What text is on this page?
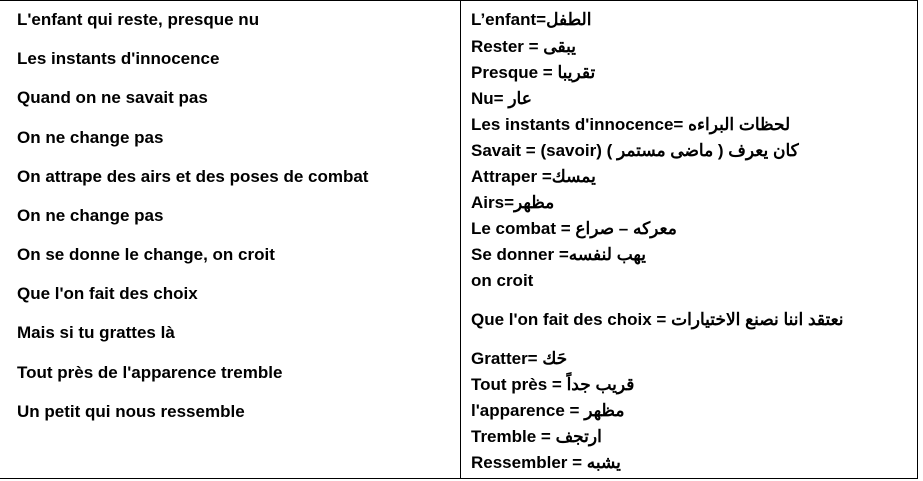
L'enfant qui reste, presque nu
Les instants d'innocence
Quand on ne savait pas
On ne change pas
On attrape des airs et des poses de combat
On ne change pas
On se donne le change, on croit
Que l'on fait des choix
Mais si tu grattes là
Tout près de l'apparence tremble
Un petit qui nous ressemble
L’enfant=الطفل
Rester = يبقى
Presque = تقريبا
Nu= عار
Les instants d'innocence= لحظات البراءه
Savait = (savoir) كان يعرف ( ماضى مستمر )
Attraper =يمسك
Airs=مظهر
Le combat = معركه – صراع
Se donner =يهب لنفسه
on croit
Que l'on fait des choix = نعتقد اننا نصنع الاختيارات
Gratter= حَك
Tout près = قريب جداً
l'apparence = مظهر
Tremble = ارتجف
Ressembler = يشبه
